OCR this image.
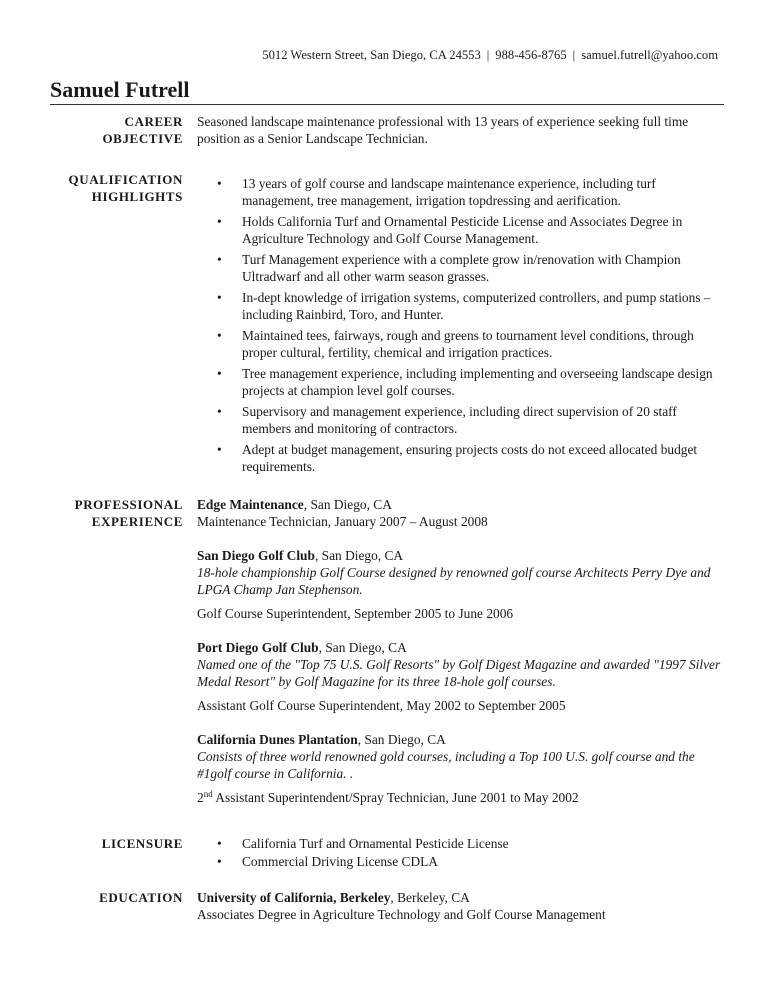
5012 Western Street, San Diego, CA 24553 | 988-456-8765 | samuel.futrell@yahoo.com
Samuel Futrell
CAREER
OBJECTIVE
Seasoned landscape maintenance professional with 13 years of experience seeking full time position as a Senior Landscape Technician.
QUALIFICATION
HIGHLIGHTS
• 13 years of golf course and landscape maintenance experience, including turf management, tree management, irrigation topdressing and aerification.
• Holds California Turf and Ornamental Pesticide License and Associates Degree in Agriculture Technology and Golf Course Management.
• Turf Management experience with a complete grow in/renovation with Champion Ultradwarf and all other warm season grasses.
• In-dept knowledge of irrigation systems, computerized controllers, and pump stations – including Rainbird, Toro, and Hunter.
• Maintained tees, fairways, rough and greens to tournament level conditions, through proper cultural, fertility, chemical and irrigation practices.
• Tree management experience, including implementing and overseeing landscape design projects at champion level golf courses.
• Supervisory and management experience, including direct supervision of 20 staff members and monitoring of contractors.
• Adept at budget management, ensuring projects costs do not exceed allocated budget requirements.
PROFESSIONAL
EXPERIENCE
Edge Maintenance, San Diego, CA
Maintenance Technician, January 2007 – August 2008
San Diego Golf Club, San Diego, CA
18-hole championship Golf Course designed by renowned golf course Architects Perry Dye and LPGA Champ Jan Stephenson.
Golf Course Superintendent, September 2005 to June 2006
Port Diego Golf Club, San Diego, CA
Named one of the "Top 75 U.S. Golf Resorts" by Golf Digest Magazine and awarded "1997 Silver Medal Resort" by Golf Magazine for its three 18-hole golf courses.
Assistant Golf Course Superintendent, May 2002 to September 2005
California Dunes Plantation, San Diego, CA
Consists of three world renowned gold courses, including a Top 100 U.S. golf course and the #1golf course in California. .
2nd Assistant Superintendent/Spray Technician, June 2001 to May 2002
LICENSURE
•	California Turf and Ornamental Pesticide License
• Commercial Driving License CDLA
EDUCATION University of California, Berkeley, Berkeley, CA
Associates Degree in Agriculture Technology and Golf Course Management
